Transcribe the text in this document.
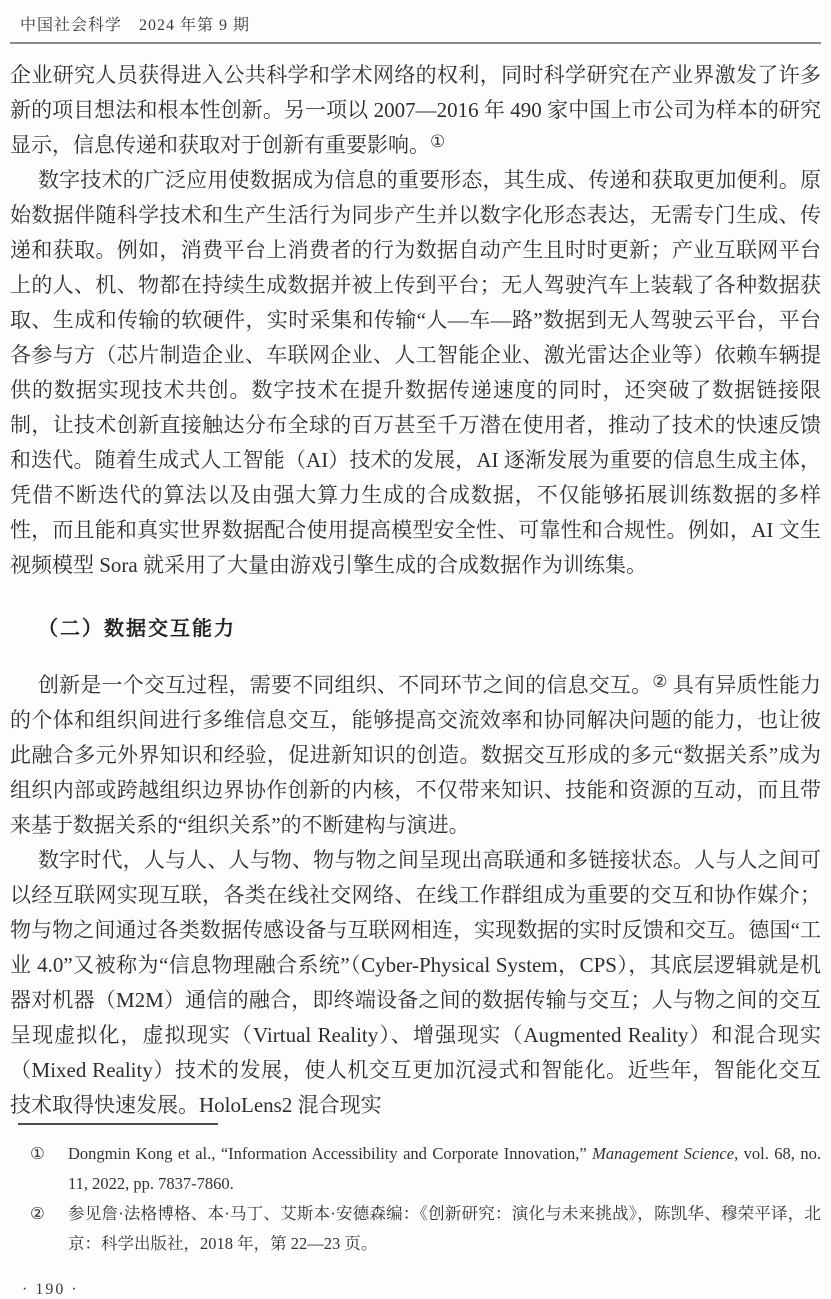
中国社会科学　2024 年第 9 期

企业研究人员获得进入公共科学和学术网络的权利，同时科学研究在产业界激发了许多新的项目想法和根本性创新。另一项以 2007—2016 年 490 家中国上市公司为样本的研究显示，信息传递和获取对于创新有重要影响。①

数字技术的广泛应用使数据成为信息的重要形态，其生成、传递和获取更加便利。原始数据伴随科学技术和生产生活行为同步产生并以数字化形态表达，无需专门生成、传递和获取。例如，消费平台上消费者的行为数据自动产生且时时更新；产业互联网平台上的人、机、物都在持续生成数据并被上传到平台；无人驾驶汽车上装载了各种数据获取、生成和传输的软硬件，实时采集和传输“人—车—路”数据到无人驾驶云平台，平台各参与方（芯片制造企业、车联网企业、人工智能企业、激光雷达企业等）依赖车辆提供的数据实现技术共创。数字技术在提升数据传递速度的同时，还突破了数据链接限制，让技术创新直接触达分布全球的百万甚至千万潜在使用者，推动了技术的快速反馈和迭代。随着生成式人工智能（AI）技术的发展，AI 逐渐发展为重要的信息生成主体，凭借不断迭代的算法以及由强大算力生成的合成数据，不仅能够拓展训练数据的多样性，而且能和真实世界数据配合使用提高模型安全性、可靠性和合规性。例如，AI 文生视频模型 Sora 就采用了大量由游戏引擎生成的合成数据作为训练集。

（二）数据交互能力

创新是一个交互过程，需要不同组织、不同环节之间的信息交互。② 具有异质性能力的个体和组织间进行多维信息交互，能够提高交流效率和协同解决问题的能力，也让彼此融合多元外界知识和经验，促进新知识的创造。数据交互形成的多元“数据关系”成为组织内部或跨越组织边界协作创新的内核，不仅带来知识、技能和资源的互动，而且带来基于数据关系的“组织关系”的不断建构与演进。

数字时代，人与人、人与物、物与物之间呈现出高联通和多链接状态。人与人之间可以经互联网实现互联，各类在线社交网络、在线工作群组成为重要的交互和协作媒介；物与物之间通过各类数据传感设备与互联网相连，实现数据的实时反馈和交互。德国“工业 4.0”又被称为“信息物理融合系统”（Cyber-Physical System，CPS），其底层逻辑就是机器对机器（M2M）通信的融合，即终端设备之间的数据传输与交互；人与物之间的交互呈现虚拟化，虚拟现实（Virtual Reality）、增强现实（Augmented Reality）和混合现实（Mixed Reality）技术的发展，使人机交互更加沉浸式和智能化。近些年，智能化交互技术取得快速发展。HoloLens2 混合现实

① Dongmin Kong et al., “Information Accessibility and Corporate Innovation,” Management Science, vol. 68, no. 11, 2022, pp. 7837-7860.
② 参见詹·法格博格、本·马丁、艾斯本·安德森编：《创新研究：演化与未来挑战》，陈凯华、穆荣平译，北京：科学出版社，2018 年，第 22—23 页。
· 190 ·
